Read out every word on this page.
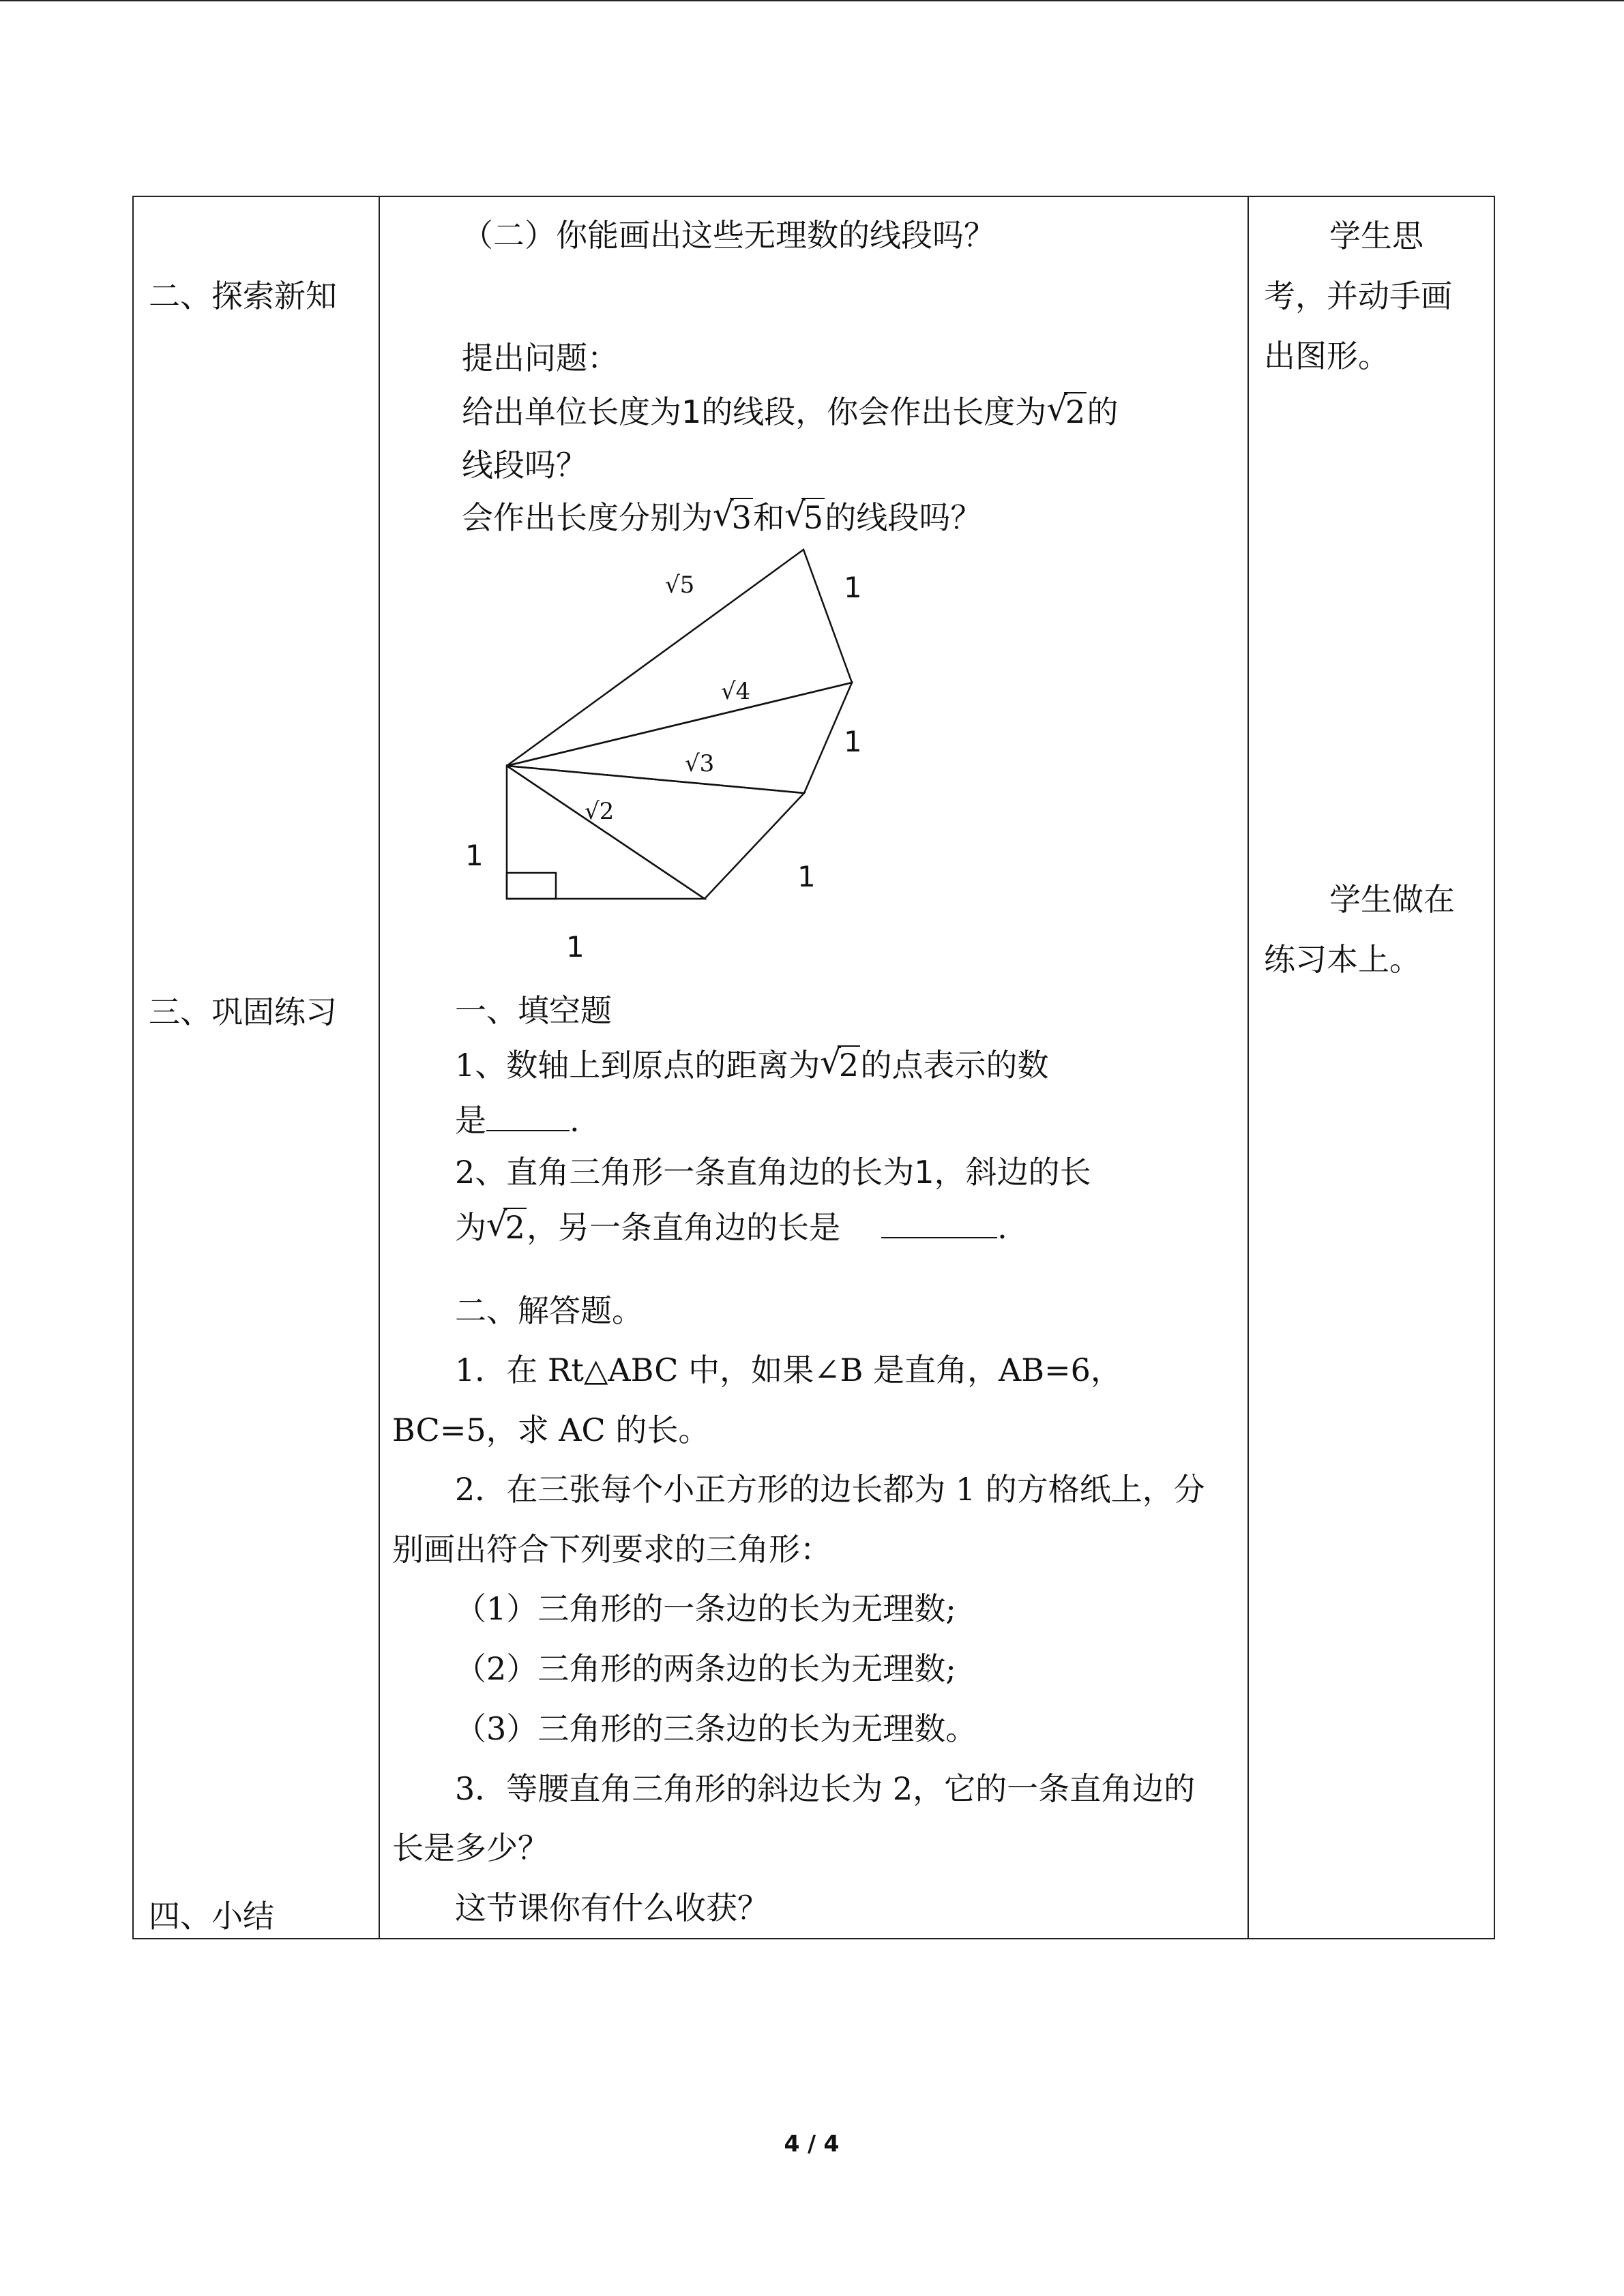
二、探索新知
三、巩固练习
四、小结

（二）你能画出这些无理数的线段吗？
提出问题：
给出单位长度为1的线段，你会作出长度为 √ 2的
线段吗？
会作出长度分别为 √ 3和 √ 5的线段吗？
√5
√4
√3
√2
1
1
1
1
1
一、填空题
1、数轴上到原点的距离为 √ 2的点表示的数
是	.
2、直角三角形一条直角边的长为1，斜边的长
为 √ 2，另一条直角边的长是	.
二、解答题。
1．在 Rt△ABC 中，如果∠B 是直角，AB=6，
BC=5，求 AC 的长。
2．在三张每个小正方形的边长都为 1 的方格纸上，分
别画出符合下列要求的三角形：
（1）三角形的一条边的长为无理数;
（2）三角形的两条边的长为无理数;
（3）三角形的三条边的长为无理数。
3．等腰直角三角形的斜边长为 2，它的一条直角边的
长是多少？
这节课你有什么收获？

学生思
考，并动手画
出图形。
学生做在
练习本上。
4 / 4
